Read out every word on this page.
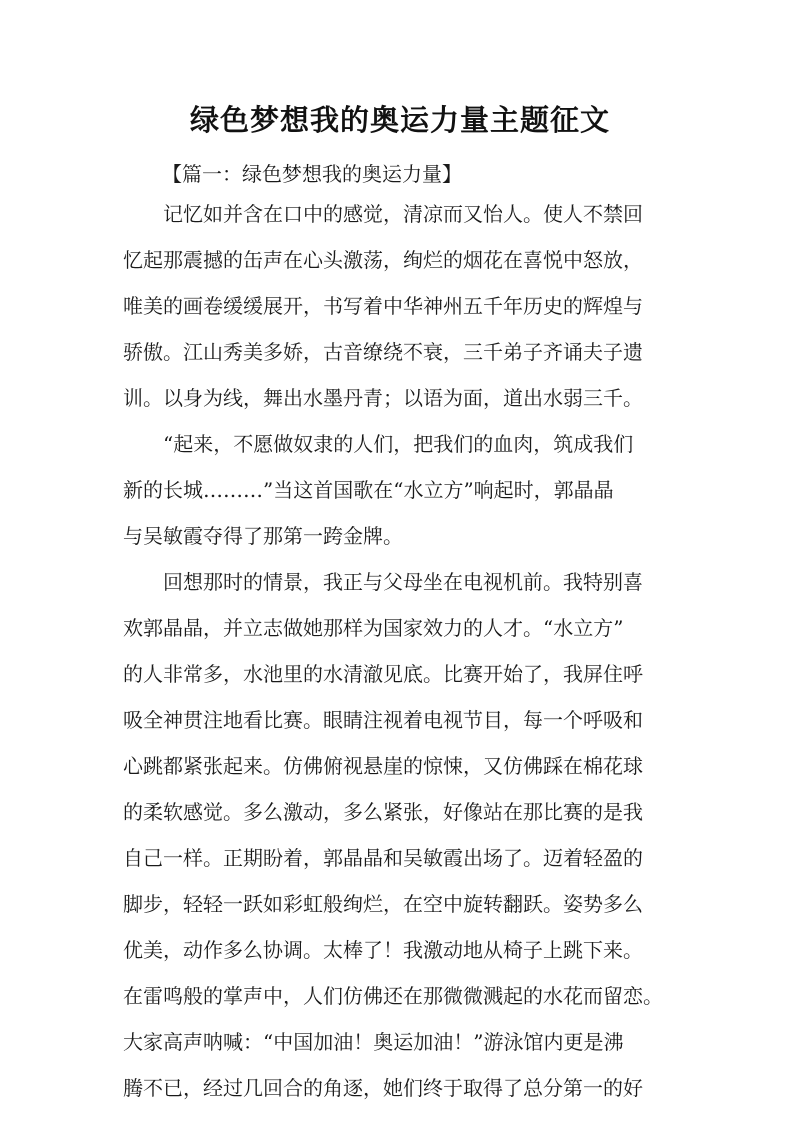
绿色梦想我的奥运力量主题征文
【篇一：绿色梦想我的奥运力量】
记忆如并含在口中的感觉，清凉而又怡人。使人不禁回
忆起那震撼的缶声在心头激荡，绚烂的烟花在喜悦中怒放，
唯美的画卷缓缓展开，书写着中华神州五千年历史的辉煌与
骄傲。江山秀美多娇，古音缭绕不衰，三千弟子齐诵夫子遗
训。以身为线，舞出水墨丹青；以语为面，道出水弱三千。
“起来，不愿做奴隶的人们，把我们的血肉，筑成我们
新的长城………”当这首国歌在“水立方”响起时，郭晶晶
与吴敏霞夺得了那第一跨金牌。
回想那时的情景，我正与父母坐在电视机前。我特别喜
欢郭晶晶，并立志做她那样为国家效力的人才。“水立方”
的人非常多，水池里的水清澈见底。比赛开始了，我屏住呼
吸全神贯注地看比赛。眼睛注视着电视节目，每一个呼吸和
心跳都紧张起来。仿佛俯视悬崖的惊悚，又仿佛踩在棉花球
的柔软感觉。多么激动，多么紧张，好像站在那比赛的是我
自己一样。正期盼着，郭晶晶和吴敏霞出场了。迈着轻盈的
脚步，轻轻一跃如彩虹般绚烂，在空中旋转翻跃。姿势多么
优美，动作多么协调。太棒了！我激动地从椅子上跳下来。
在雷鸣般的掌声中，人们仿佛还在那微微溅起的水花而留恋。
大家高声呐喊：“中国加油！奥运加油！”游泳馆内更是沸
腾不已，经过几回合的角逐，她们终于取得了总分第一的好
